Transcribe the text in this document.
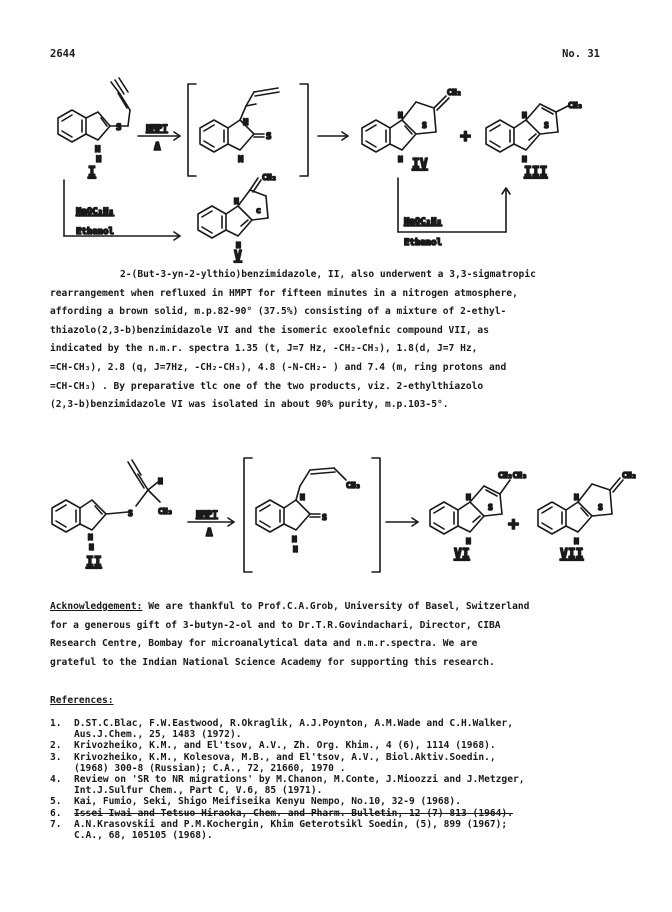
2644	No. 31
S
N
H
I
HMPT
Δ
N
S
N
N
S
CH₂
N IV
+
N
S
CH₃
N
III
NaOC₂H₅
Ethanol
N
c
CH₂
N
V
NaOC₂H₅
Ethanol

2-(But-3-yn-2-ylthio)benzimidazole, II, also underwent a 3,3-sigmatropic

rearrangement when refluxed in HMPT for fifteen minutes in a nitrogen atmosphere,

affording a brown solid, m.p.82-90° (37.5%) consisting of a mixture of 2-ethyl-

thiazolo(2,3-b)benzimidazole VI and the isomeric exoolefnic compound VII, as

indicated by the n.m.r. spectra 1.35 (t, J=7 Hz, -CH₂-CH₃), 1.8(d, J=7 Hz,

=CH-CH₃), 2.8 (q, J=7Hz, -CH₂-CH₃), 4.8 (-N-CH₂- ) and 7.4 (m, ring protons and

=CH-CH₃) . By preparative tlc one of the two products, viz. 2-ethylthiazolo

(2,3-b)benzimidazole VI was isolated in about 90% purity, m.p.103-5°.

S
H
CH₃
N
H
II
HMPT
Δ
N
S
CH₃
N
H
N
S
CH₂CH₃
N
VI
+
N
S
CH₂
N
VII

Acknowledgement: We are thankful to Prof.C.A.Grob, University of Basel, Switzerland

for a generous gift of 3-butyn-2-ol and to Dr.T.R.Govindachari, Director, CIBA

Research Centre, Bombay for microanalytical data and n.m.r.spectra. We are

grateful to the Indian National Science Academy for supporting this research.

References:
1. D.ST.C.Blac, F.W.Eastwood, R.Okraglik, A.J.Poynton, A.M.Wade and C.H.Walker,
Aus.J.Chem., 25, 1483 (1972).
2. Krivozheiko, K.M., and El'tsov, A.V., Zh. Org. Khim., 4 (6), 1114 (1968).
3. Krivozheiko, K.M., Kolesova, M.B., and El'tsov, A.V., Biol.Aktiv.Soedin.,
(1968) 300-8 (Russian); C.A., 72, 21660, 1970 .
4. Review on 'SR to NR migrations' by M.Chanon, M.Conte, J.Mioozzi and J.Metzger,
Int.J.Sulfur Chem., Part C, V.6, 85 (1971).
5. Kai, Fumio, Seki, Shigo Meifiseika Kenyu Nempo, No.10, 32-9 (1968).
6. Issei Iwai and Tetsuo Hiraoka, Chem. and Pharm. Bulletin, 12 (7) 813 (1964).
7. A.N.Krasovskii and P.M.Kochergin, Khim Geterotsikl Soedin, (5), 899 (1967);
C.A., 68, 105105 (1968).
